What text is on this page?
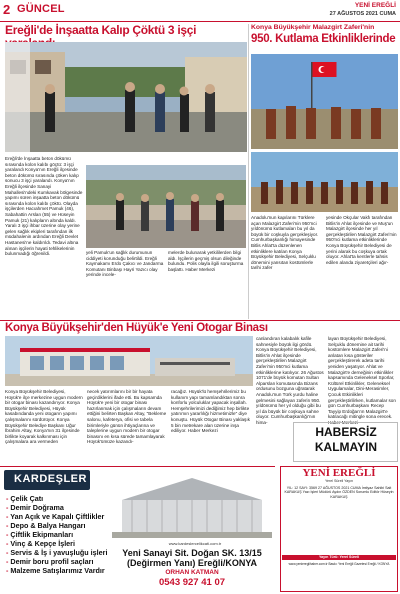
2 GÜNCEL	YENİ EREĞLİ
27 AĞUSTOS 2021 CUMA
Ereğli'de İnşaatta Kalıp Çöktü 3 işçi
Ereğli'de İnşaatta beton dökümü sırasında kolon kalıbı göçtü: 3 işçi yaralandı Konya'nın Ereğli ilçesinde beton dökümü sırasında çöken kalıp sonucu 3 işçi yaralandı. Konya'nın Ereğli ilçesinde Sanayi Mahallesi'ndeki Kumkavak bölgesinde yapımı süren inşaatta beton dökümü sırasında kolon kalıbı çöktü. Olayda işçilerden Hacıahmet Pamuk (46), Sabahattin Arslan (55) ve Hüseyin Pamuk (21) kalıpların altında kaldı. Yaralı 3 işçi ihbar üzerine olay yerine gelen sağlık ekipleri tarafından ilk müdahalenin ardından Ereğli Devlet Hastanesi'ne kaldırıldı. Tedavi altına alınan işçilerin hayati tehlikelerinin bulunmadığı öğrenildi.	yeli Pamuk'un sağlık durumunun ciddiyeti korunduğu belirtildi. Ereğli Kaymakamı Erdo Çakıcı ve Jandarma Komutanı Binbaşı Hayri Yazıcı olay yerinde incele-
melerde bulunarak yetkililerden bilgi aldı. İşçilerin geçmiş olsun dileğinde bulundu. Polis olayla ilgili soruşturma başlattı. Haber Merkezi
Konya Büyükşehir Malazgirt Zaferi'nin
950. Kutlama Etkinliklerinde
Anadolu'nun kapılarını Türklere açan Malazgirt Zaferi'nin 950'nci yıldönümü kutlamaları bu yıl da büyük bir coşkuyla gerçekleşiyor. Cumhurbaşkanlığı himayesinde Bitlis Ahlat'ta düzenlenen etkinliklere katılan Konya Büyükşehir Belediyesi, Selçuklu dönemini yansıtan kostümlerle tarihi zafer
yesinde Okçular Vakfı tarafından Bitlis'in Ahlat ilçesinde ve Muş'un Malazgirt ilçesinde her yıl gerçekleştirilen Malazgirt Zaferi'nin 950'nci kutlama etkinliklerinde Konya Büyükşehir Belediyesi de yerini alarak bu coşkuya ortak oluyor. Ahlat'ta kentlerle tahsis edilen alanda ziyaretçileri ağır-
Konya Büyükşehir'den Hüyük'e Yeni Otogar Binası
Konya Büyükşehir Belediyesi, Hüyük'e ilçe merkezine uygun modern bir otogar binası kazandırıyor. Konya Büyükşehir Belediyesi, Hüyük kasabındanda yeni otogarın yapımı çalışmalarını sürdürüyor. Konya Büyükşehir Belediye Başkanı Uğur İbrahim Altay, Konya'nın 31 ilçesinde birlikte koyarak kalkınması için çalışmalara ara vermeden
necek yatırımlarını bir bir hayata geçirdiklerini ifade etti. Bu kapsamda Hüyük'e yeni bir otogar binası hazırlanmak için çalışmaların devam ettiğini belirten Başkan Altay, "Bekleme salonu, kafeterya, ofisi ve tabela birimleriyle günün ihtiyaçlarına ve taleplerine uygun modern bir otogar binasını en kısa sürede tamamlayarak Hüyük'ümüze kazandı-
racağız. Hüyük'lü hemşehrilerimiz bu kullanım yapı tamamlandıktan sonra konforlu yolculuklar yapacak inşallah. Hemşehrilerimizi dediğimiz hep birlikte yatırımın yararlılığı hizmetimizle" diye konuştu. Hüyük Otogar Binası yaklaşık 5 bin metrekare alan üzerine inşa ediliyor. Haber Merkezi
canlandıran kalabalık kafile sahnesiyle büyük ilgi gördü. Konya Büyükşehir Belediyesi, Bitlis'in Ahlat ilçesinde gerçekleştirilen Malazgirt Zaferi'nin 950'nci kutlama etkinliklerine katılıyor. 26 Ağustos 1071'de büyük komutan Sultan Alparslan komutasında Bizans ordusunu bozguna uğratarak Anadolu'nun Türk yurdu haline gelmesini sağlayan zaferin 950. yıldönümü her yıl olduğu gibi bu yıl da büyük bir coşkuya sahne oluyor. Cumhurbaşkanlığı'nın hima-
layan Büyükşehir Belediyesi, Selçuklu dönemine ait tarihi kostümlere Malazgirt Zaferi'ni anlatan kısa gösteriler gerçekleştirerek adeta tarihi yeniden yaşatıyor. Ahlat ve Malazgirt'e derneğinin etkinlikler kapsamında Geleneksel Sporlar, Kültürel Etkinlikler, Geleneksel Uygulamalar, Dini-Merasimler, Çocuk Etkinlikleri gerçekleştirilirken, kutlamalar son gün Cumhurbaşkanı Recep Tayyip Erdoğan'ın Malazgirt'e katılacağı mitingle sona erecek. Haber Merkezi
HABERSİZ
KALMAYIN
KARDEŞLER
- Çelik Çatı
- Demir Doğrama
- Yan Açık ve Kapalı Çiftlikler
- Depo & Balya Hangarı
- Çiftlik Ekipmanları
- Vinç & Kepçe İşleri
- Servis & İş i yavuşluğu işleri
- Demir boru profil saçları
- Malzeme Satışlarımız Vardır
www.kardeslercelikcati.com.tr
Yeni Sanayi Sit. Doğan SK. 13/15 (Değirmen Yanı) Ereğli/KONYA
ORHAN KATMAN
0543 927 41 07
YENİ EREĞLİ
Yerel Süreli Yayın
YIL: 12 SAYI: 3569 27 AĞUSTOS 2021 CUMA İmtiyaz Sahibi Sait KARAKUŞ Yazı İşleri Müdürü Aydın ÖZDEN Sorumlu Editör Hüseyin KARAKUŞ
Yayın Türü: Yerel Süreli
www.yeniereglihaber.com.tr Baskı: Yeni Ereğli Gazetesi Ereğli / KONYA
